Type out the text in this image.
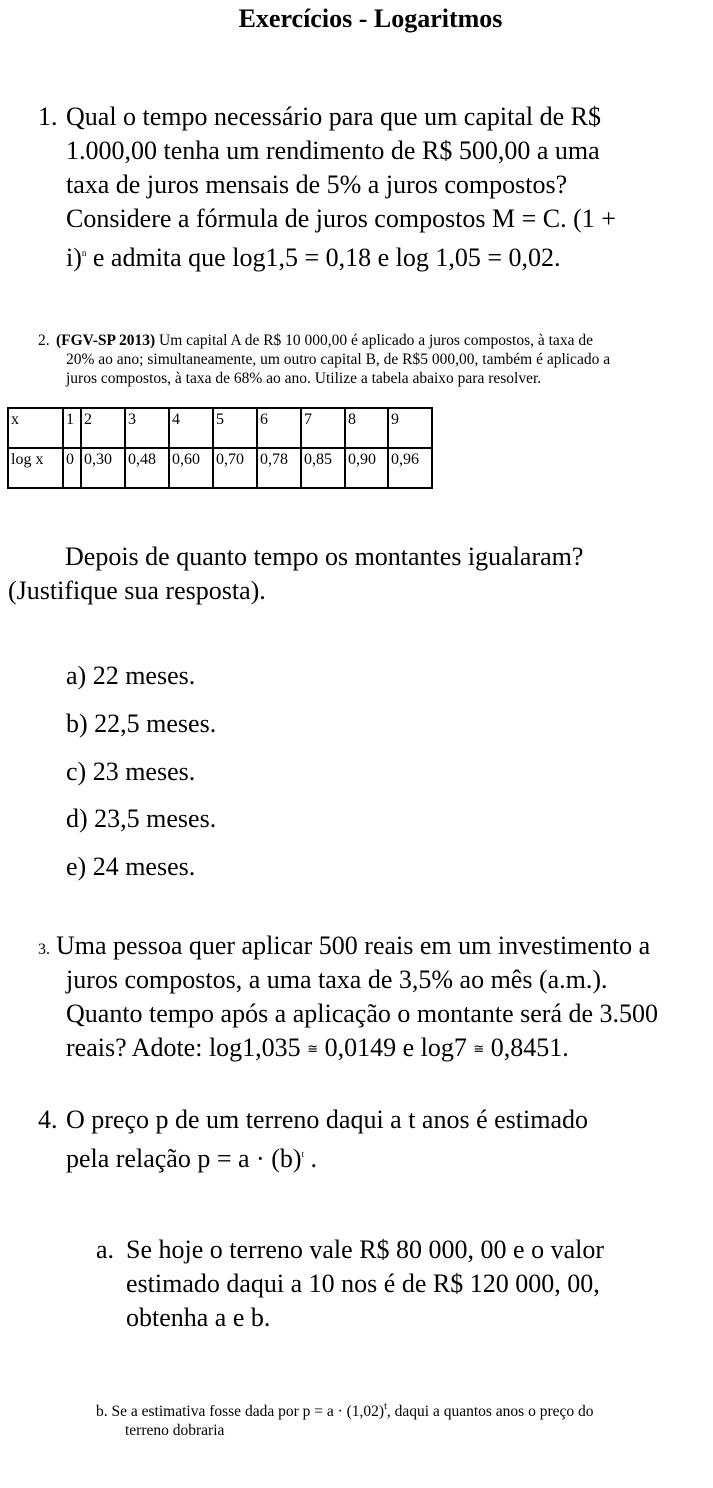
Exercícios - Logaritmos
1. Qual o tempo necessário para que um capital de R$
1.000,00 tenha um rendimento de R$ 500,00 a uma
taxa de juros mensais de 5% a juros compostos?
Considere a fórmula de juros compostos M = C. (1 +
i)$^n$ e admita que log1,5 = 0,18 e log 1,05 = 0,02.
2. (FGV-SP 2013) Um capital A de R$ 10 000,00 é aplicado a juros compostos, à taxa de
20% ao ano; simultaneamente, um outro capital B, de R$5 000,00, também é aplicado a
juros compostos, à taxa de 68% ao ano. Utilize a tabela abaixo para resolver.
x	1	2	3	4	5	6	7	8	9
log x	0	0,30	0,48	0,60	0,70	0,78	0,85	0,90	0,96
Depois de quanto tempo os montantes igualaram?
(Justifique sua resposta).
a) 22 meses.
b) 22,5 meses.
c) 23 meses.
d) 23,5 meses.
e) 24 meses.
3. Uma pessoa quer aplicar 500 reais em um investimento a
juros compostos, a uma taxa de 3,5% ao mês (a.m.).
Quanto tempo após a aplicação o montante será de 3.500
reais? Adote: log1,035 ≅ 0,0149 e log7 ≅ 0,8451.
4. O preço p de um terreno daqui a t anos é estimado
pela relação $p = a \cdot (b)^t$ .
a. Se hoje o terreno vale R$ 80 000, 00 e o valor
estimado daqui a 10 nos é de R$ 120 000, 00,
obtenha a e b.
b. Se a estimativa fosse dada por $p = a \cdot (1,02)^t$, daqui a quantos anos o preço do
terreno dobraria
